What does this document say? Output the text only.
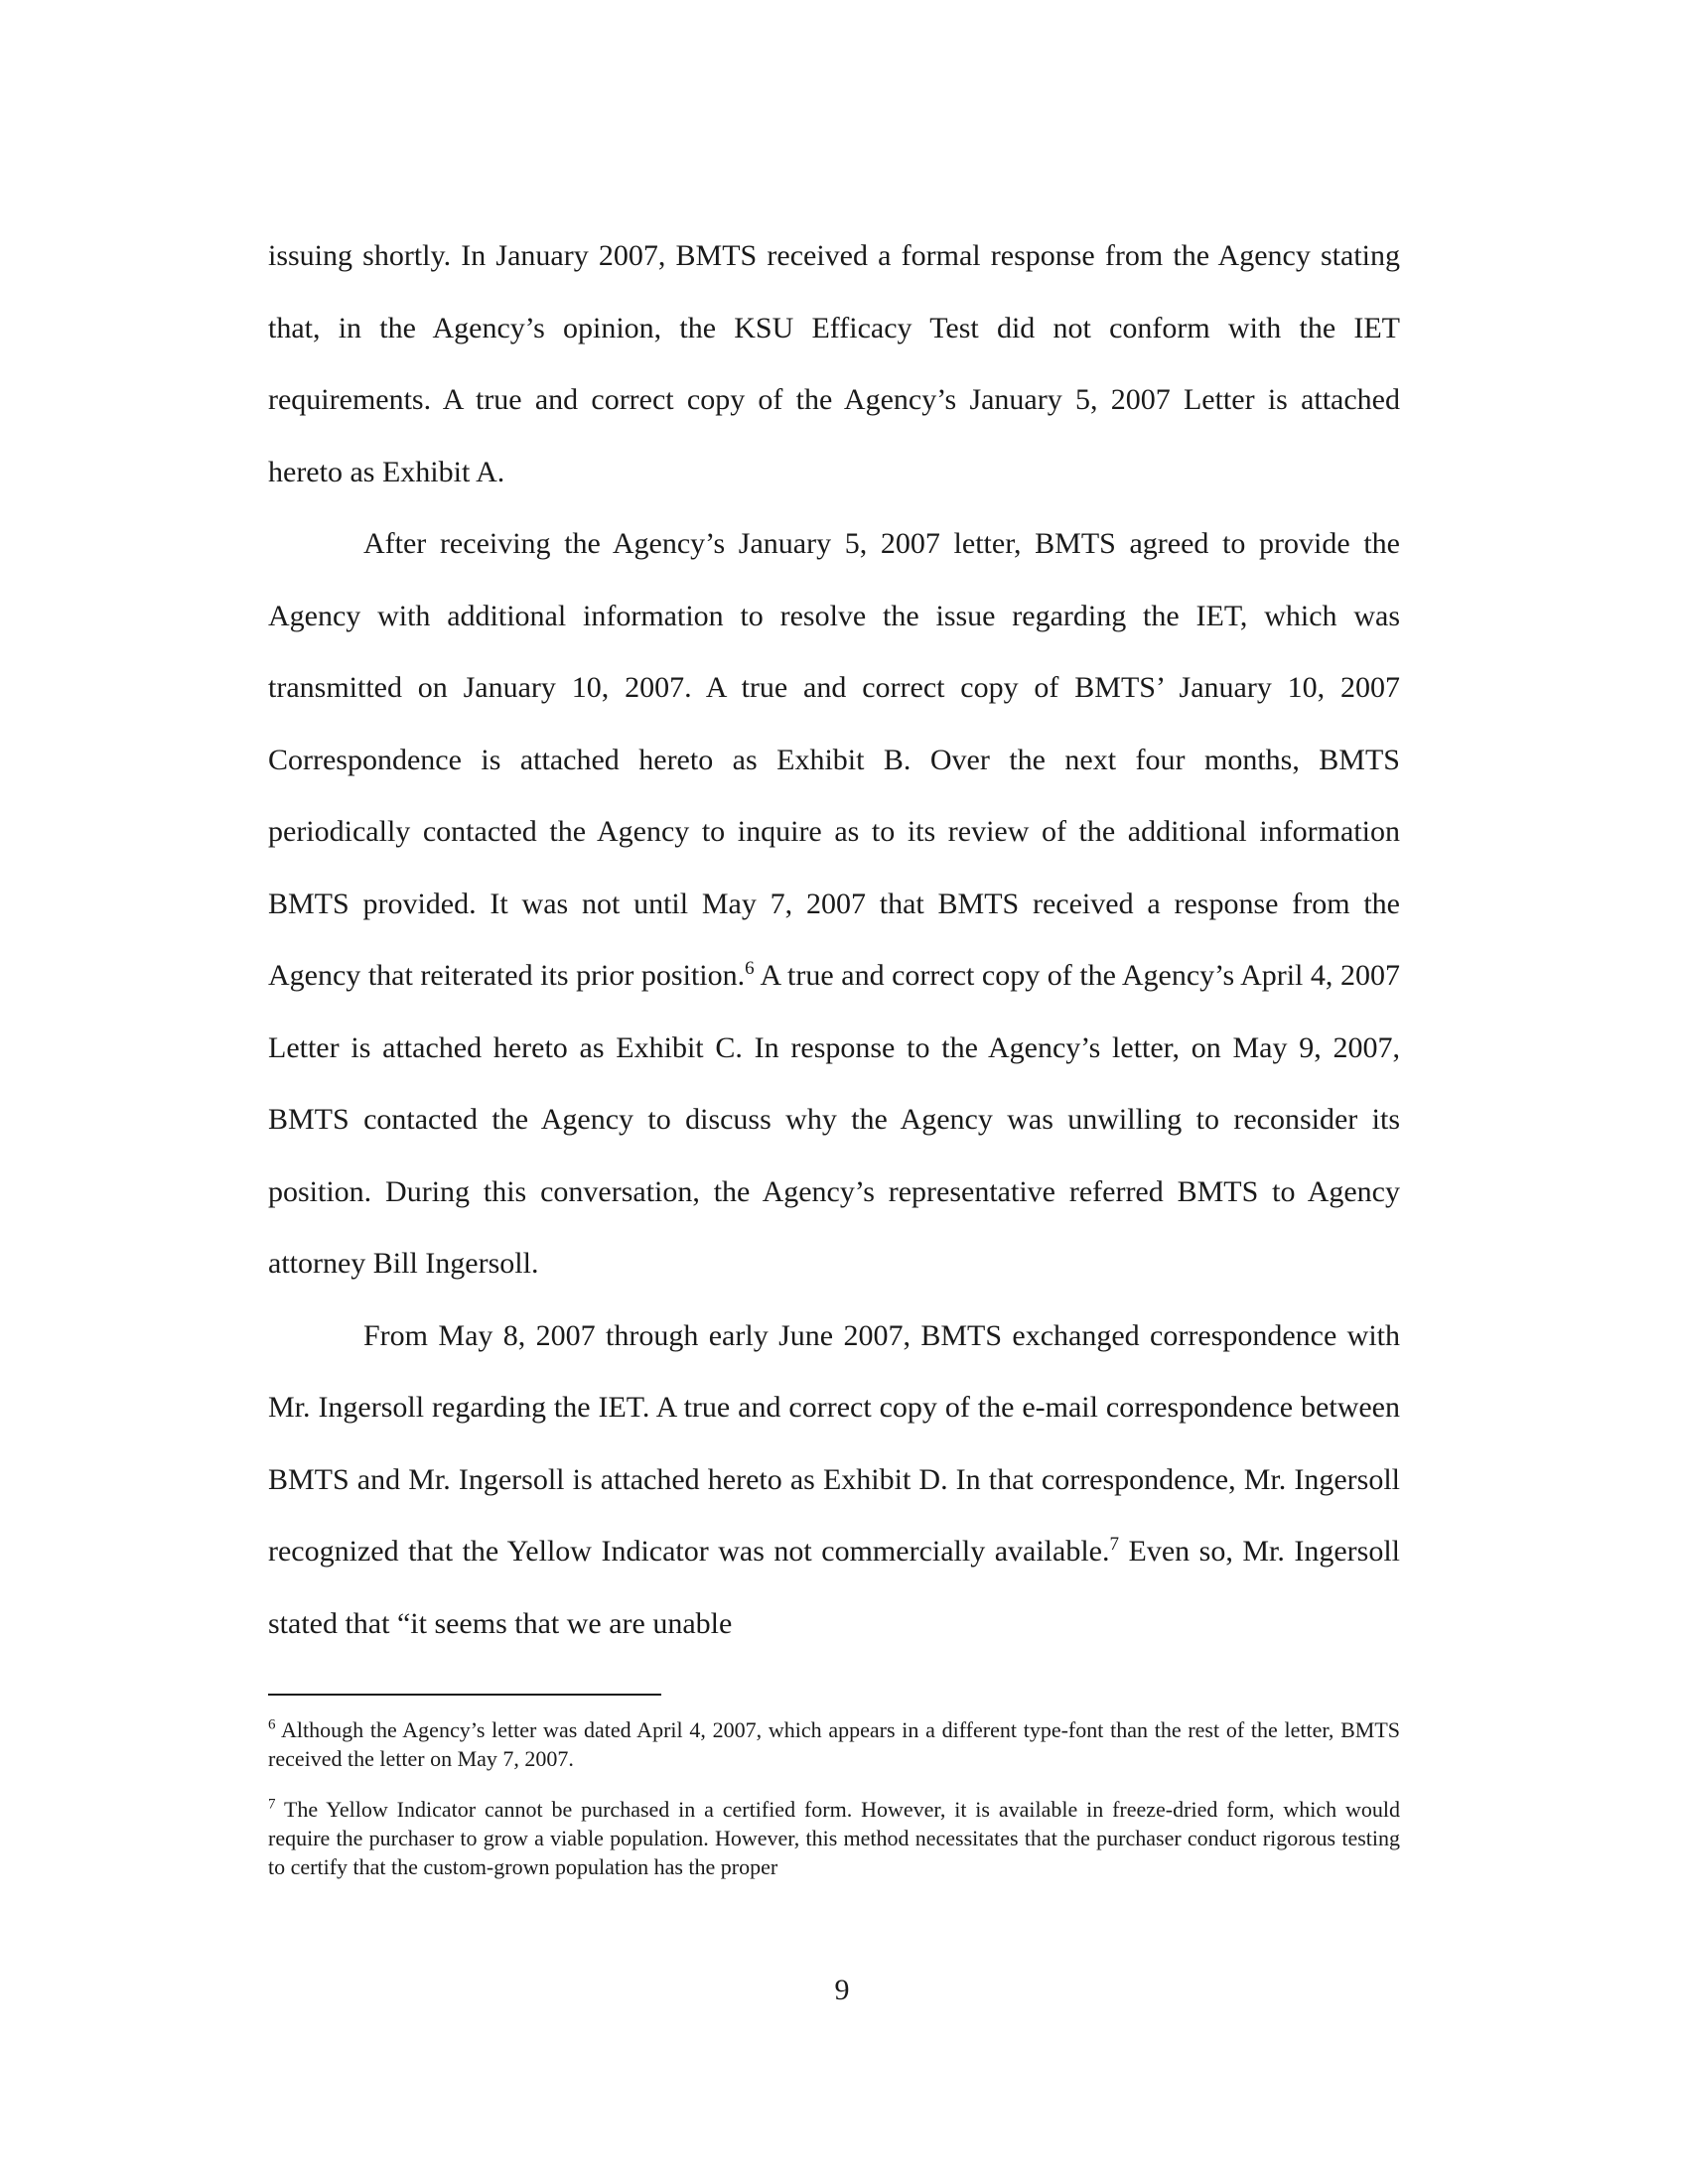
issuing shortly. In January 2007, BMTS received a formal response from the Agency stating that, in the Agency’s opinion, the KSU Efficacy Test did not conform with the IET requirements. A true and correct copy of the Agency’s January 5, 2007 Letter is attached hereto as Exhibit A.

After receiving the Agency’s January 5, 2007 letter, BMTS agreed to provide the Agency with additional information to resolve the issue regarding the IET, which was transmitted on January 10, 2007. A true and correct copy of BMTS’ January 10, 2007 Correspondence is attached hereto as Exhibit B. Over the next four months, BMTS periodically contacted the Agency to inquire as to its review of the additional information BMTS provided. It was not until May 7, 2007 that BMTS received a response from the Agency that reiterated its prior position.$^6$ A true and correct copy of the Agency’s April 4, 2007 Letter is attached hereto as Exhibit C. In response to the Agency’s letter, on May 9, 2007, BMTS contacted the Agency to discuss why the Agency was unwilling to reconsider its position. During this conversation, the Agency’s representative referred BMTS to Agency attorney Bill Ingersoll.

From May 8, 2007 through early June 2007, BMTS exchanged correspondence with Mr. Ingersoll regarding the IET. A true and correct copy of the e-mail correspondence between BMTS and Mr. Ingersoll is attached hereto as Exhibit D. In that correspondence, Mr. Ingersoll recognized that the Yellow Indicator was not commercially available.$^7$ Even so, Mr. Ingersoll stated that “it seems that we are unable

$^6$ Although the Agency’s letter was dated April 4, 2007, which appears in a different type-font than the rest of the letter, BMTS received the letter on May 7, 2007.

$^7$ The Yellow Indicator cannot be purchased in a certified form. However, it is available in freeze-dried form, which would require the purchaser to grow a viable population. However, this method necessitates that the purchaser conduct rigorous testing to certify that the custom-grown population has the proper

9
